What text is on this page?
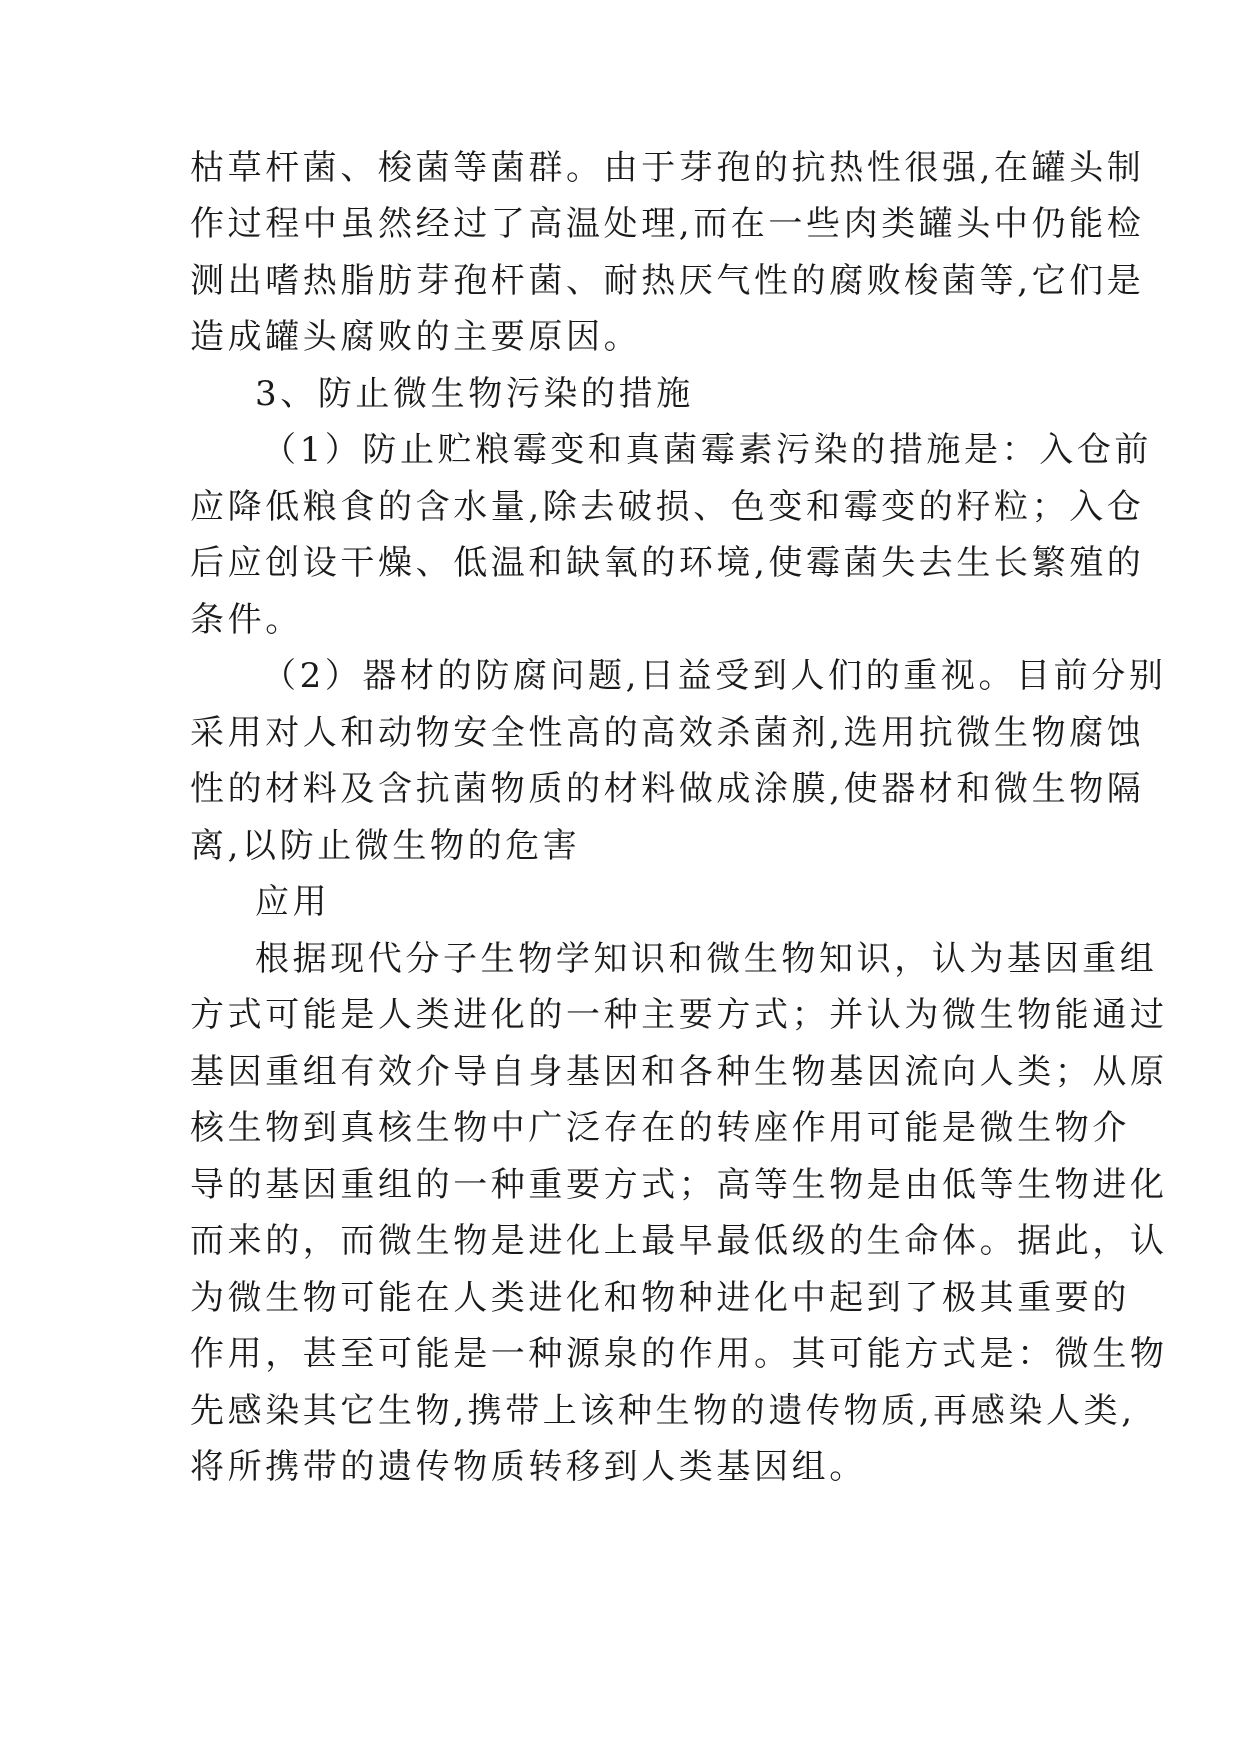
枯草杆菌、梭菌等菌群。由于芽孢的抗热性很强,在罐头制
作过程中虽然经过了高温处理,而在一些肉类罐头中仍能检
测出嗜热脂肪芽孢杆菌、耐热厌气性的腐败梭菌等,它们是
造成罐头腐败的主要原因。
3、防止微生物污染的措施
（1）防止贮粮霉变和真菌霉素污染的措施是：入仓前
应降低粮食的含水量,除去破损、色变和霉变的籽粒；入仓
后应创设干燥、低温和缺氧的环境,使霉菌失去生长繁殖的
条件。
（2）器材的防腐问题,日益受到人们的重视。目前分别
采用对人和动物安全性高的高效杀菌剂,选用抗微生物腐蚀
性的材料及含抗菌物质的材料做成涂膜,使器材和微生物隔
离,以防止微生物的危害
应用
根据现代分子生物学知识和微生物知识，认为基因重组
方式可能是人类进化的一种主要方式；并认为微生物能通过
基因重组有效介导自身基因和各种生物基因流向人类；从原
核生物到真核生物中广泛存在的转座作用可能是微生物介
导的基因重组的一种重要方式；高等生物是由低等生物进化
而来的，而微生物是进化上最早最低级的生命体。据此，认
为微生物可能在人类进化和物种进化中起到了极其重要的
作用，甚至可能是一种源泉的作用。其可能方式是：微生物
先感染其它生物,携带上该种生物的遗传物质,再感染人类,
将所携带的遗传物质转移到人类基因组。
